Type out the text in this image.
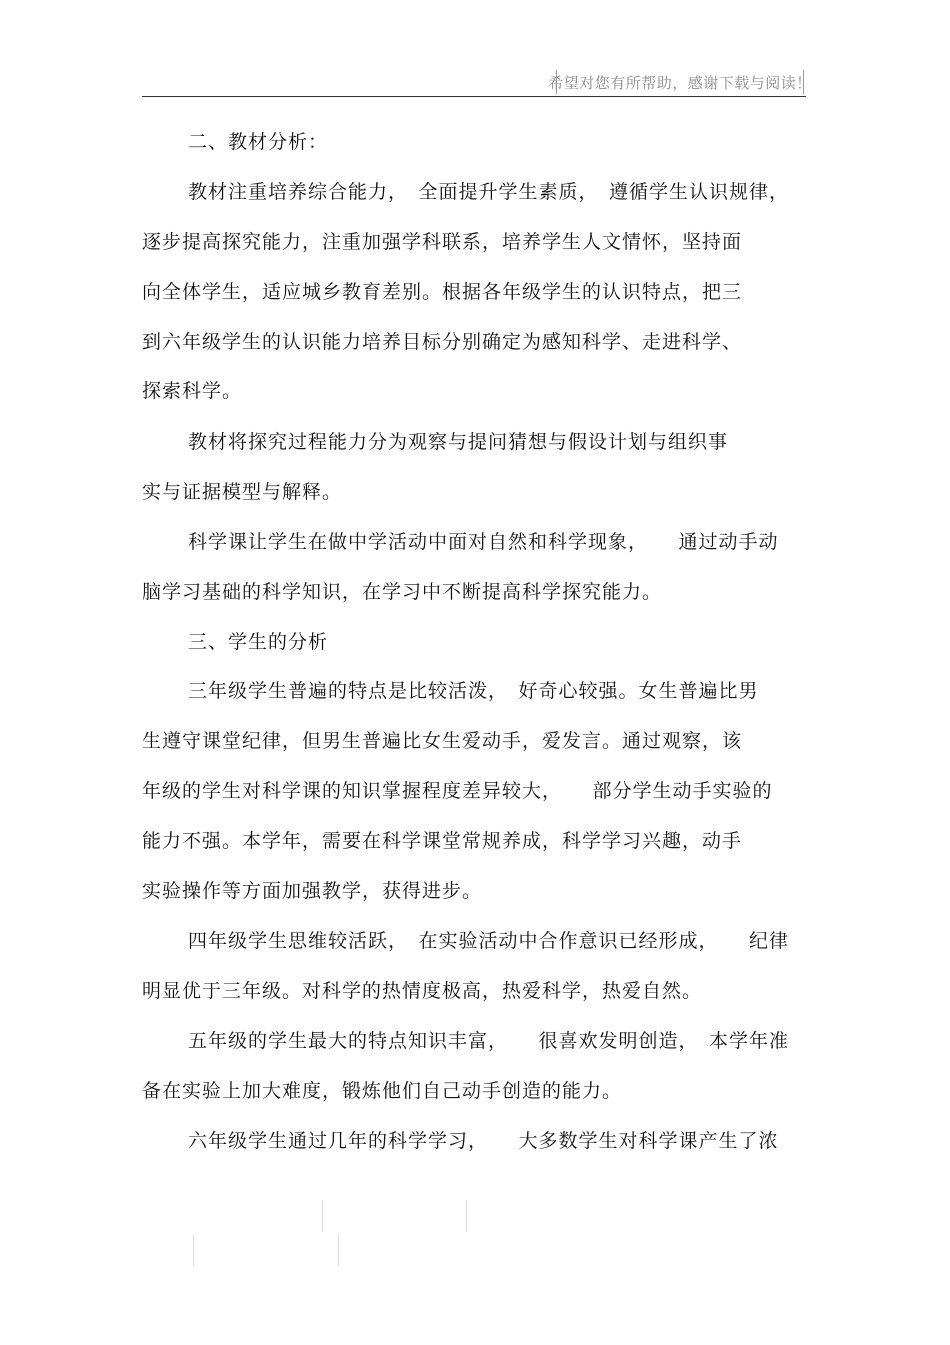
希望对您有所帮助，感谢下载与阅读！
二、教材分析：
教材注重培养综合能力，　全面提升学生素质，　遵循学生认识规律，
逐步提高探究能力，注重加强学科联系，培养学生人文情怀，坚持面
向全体学生，适应城乡教育差别。根据各年级学生的认识特点，把三
到六年级学生的认识能力培养目标分别确定为感知科学、走进科学、
探索科学。
教材将探究过程能力分为观察与提问猜想与假设计划与组织事
实与证据模型与解释。
科学课让学生在做中学活动中面对自然和科学现象，　　通过动手动
脑学习基础的科学知识，在学习中不断提高科学探究能力。
三、学生的分析
三年级学生普遍的特点是比较活泼，　好奇心较强。女生普遍比男
生遵守课堂纪律，但男生普遍比女生爱动手，爱发言。通过观察，该
年级的学生对科学课的知识掌握程度差异较大，　　部分学生动手实验的
能力不强。本学年，需要在科学课堂常规养成，科学学习兴趣，动手
实验操作等方面加强教学，获得进步。
四年级学生思维较活跃，　在实验活动中合作意识已经形成，　　纪律
明显优于三年级。对科学的热情度极高，热爱科学，热爱自然。
五年级的学生最大的特点知识丰富，　　很喜欢发明创造，　本学年准
备在实验上加大难度，锻炼他们自己动手创造的能力。
六年级学生通过几年的科学学习，　　大多数学生对科学课产生了浓
